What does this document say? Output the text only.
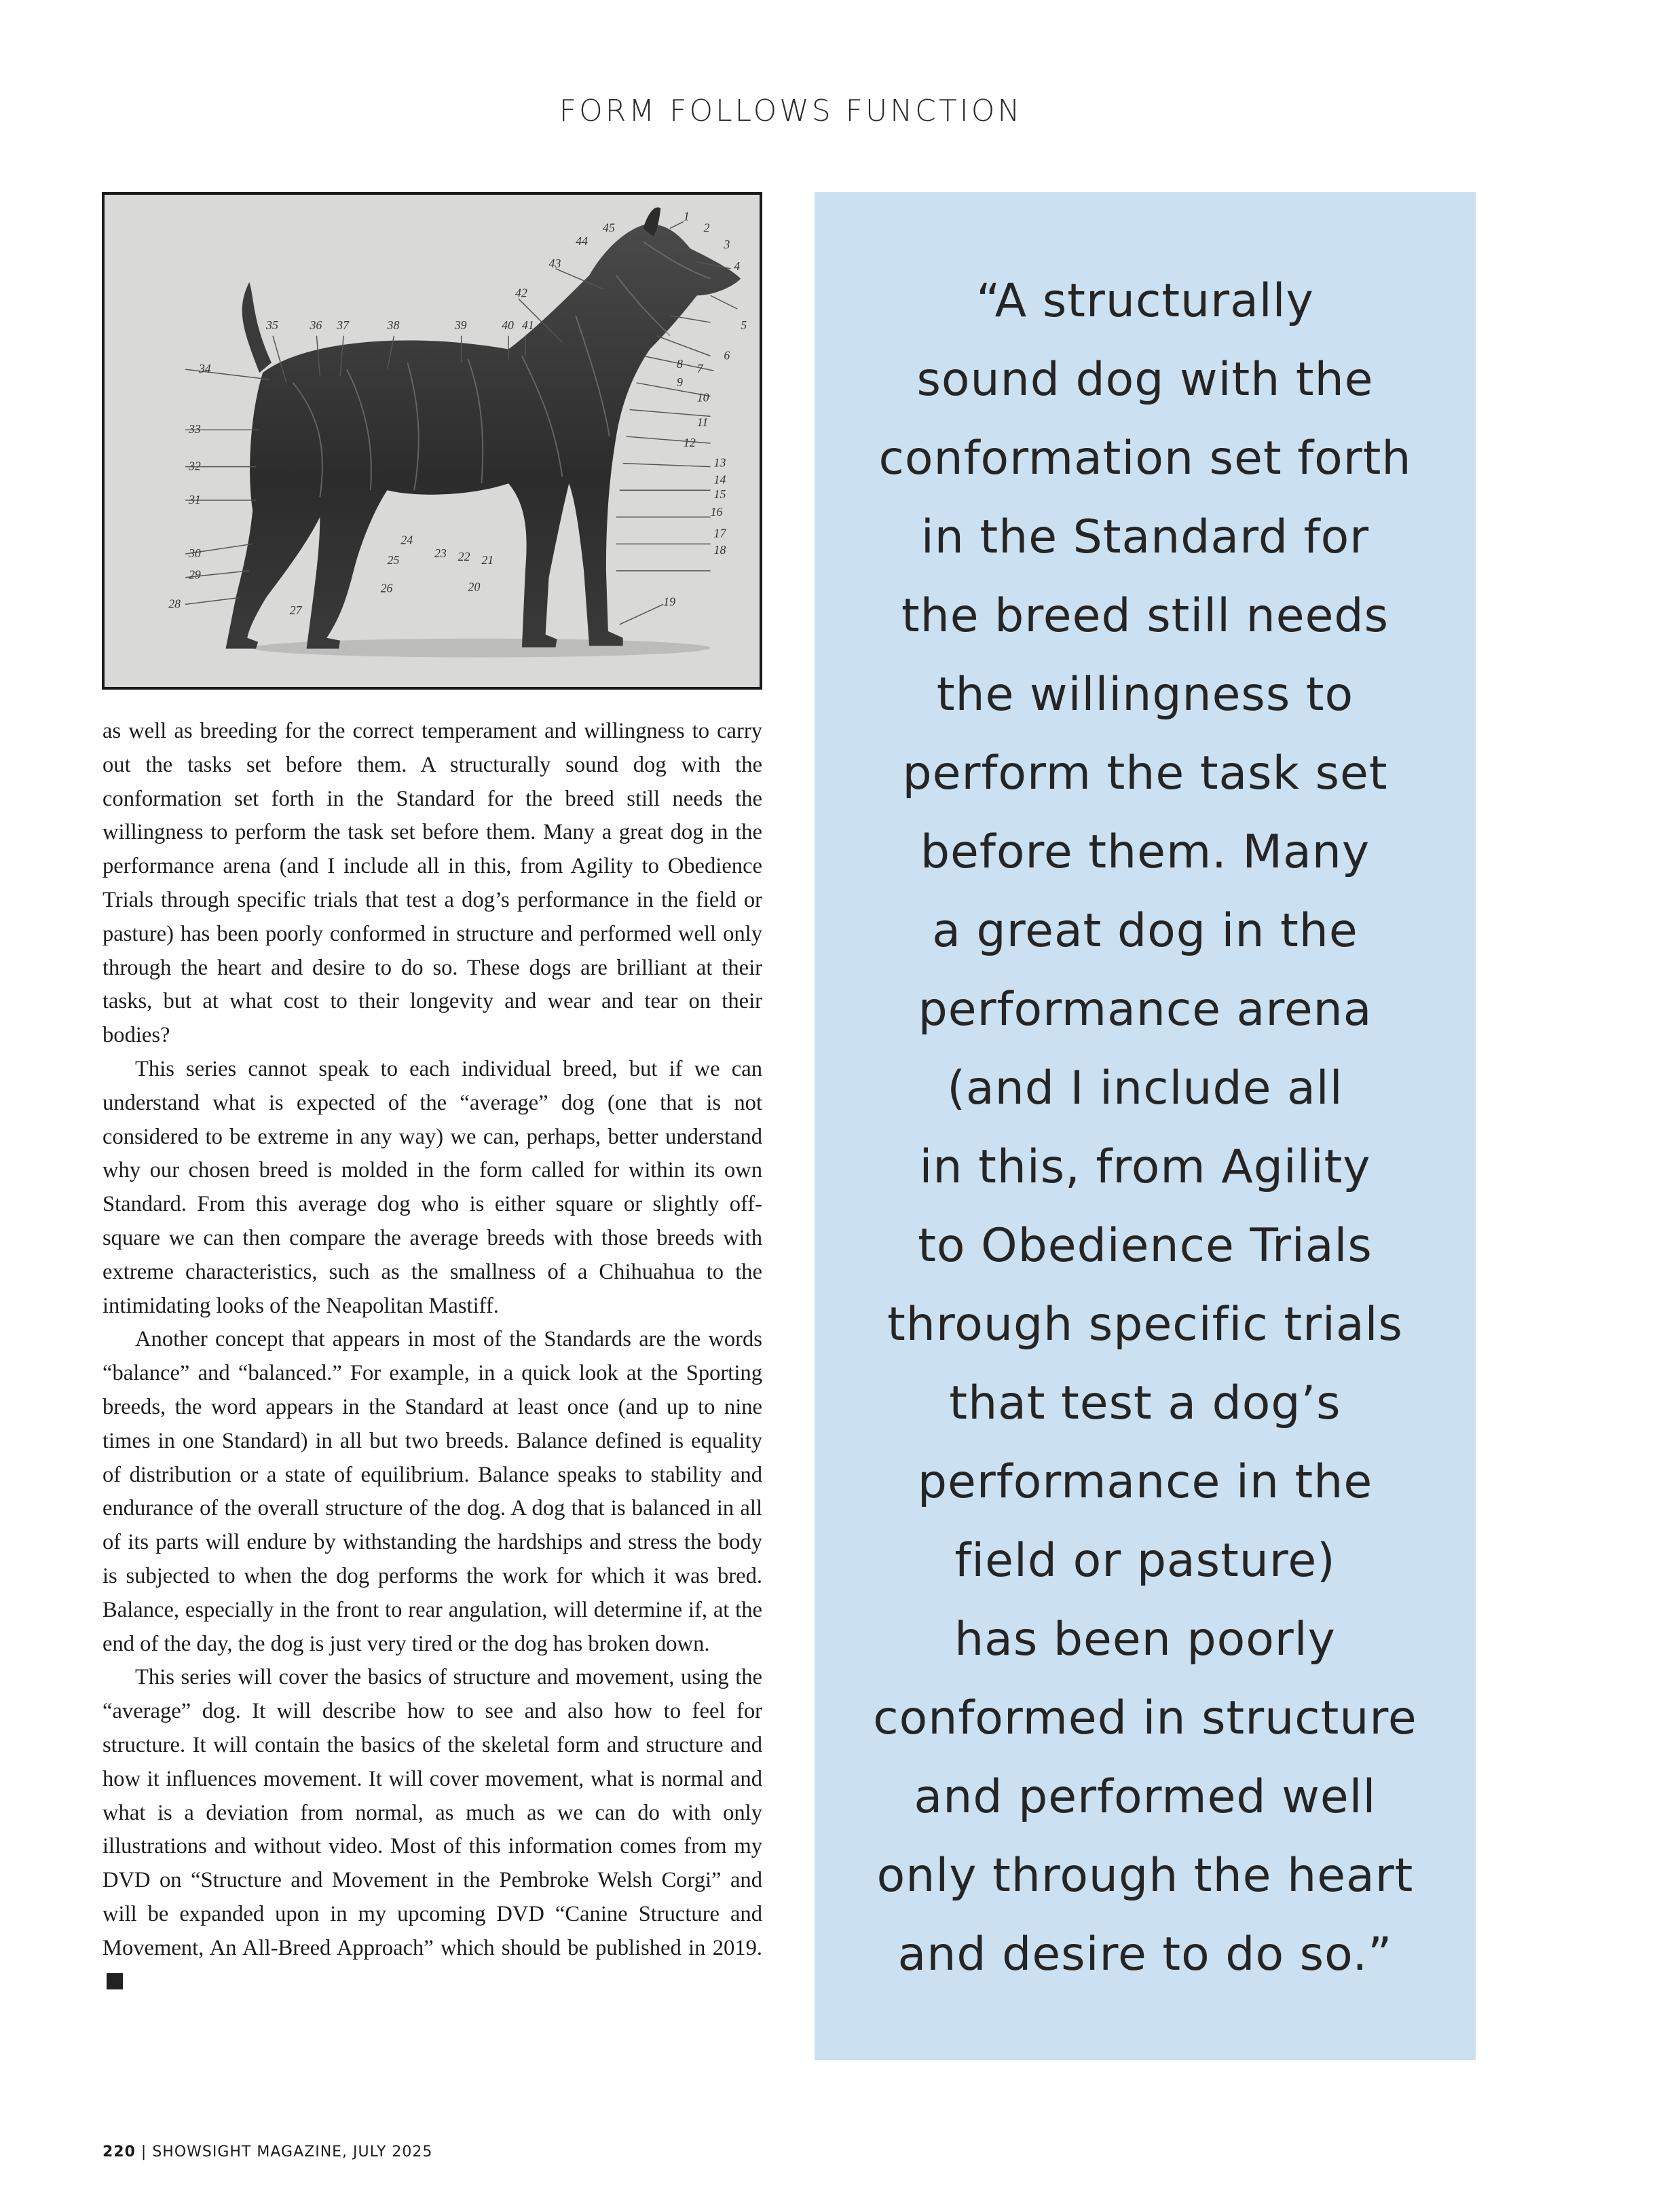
FORM FOLLOWS FUNCTION
1
2
3
4
5
6
7
8
9
10
11
12
13
14
15
16
17
18
19
20
21
22
23
24
25
26
27
28
29
30
31
32
33
34
35	36 37	38	39	40 41
42
43
44
45

as well as breeding for the correct temperament and willingness to carry out the tasks set before them. A structurally sound dog with the conformation set forth in the Standard for the breed still needs the willingness to perform the task set before them. Many a great dog in the performance arena (and I include all in this, from Agility to Obedience Trials through specific trials that test a dog’s performance in the field or pasture) has been poorly conformed in structure and performed well only through the heart and desire to do so. These dogs are brilliant at their tasks, but at what cost to their longevity and wear and tear on their bodies?

This series cannot speak to each individual breed, but if we can understand what is expected of the “average” dog (one that is not considered to be extreme in any way) we can, perhaps, better understand why our chosen breed is molded in the form called for within its own Standard. From this average dog who is either square or slightly off-square we can then compare the average breeds with those breeds with extreme characteristics, such as the smallness of a Chihuahua to the intimidating looks of the Neapolitan Mastiff.

Another concept that appears in most of the Standards are the words “balance” and “balanced.” For example, in a quick look at the Sporting breeds, the word appears in the Standard at least once (and up to nine times in one Standard) in all but two breeds. Balance defined is equality of distribution or a state of equilibrium. Balance speaks to stability and endurance of the overall structure of the dog. A dog that is balanced in all of its parts will endure by withstanding the hardships and stress the body is subjected to when the dog performs the work for which it was bred. Balance, especially in the front to rear angulation, will determine if, at the end of the day, the dog is just very tired or the dog has broken down.

This series will cover the basics of structure and movement, using the “average” dog. It will describe how to see and also how to feel for structure. It will contain the basics of the skeletal form and structure and how it influences movement. It will cover movement, what is normal and what is a deviation from normal, as much as we can do with only illustrations and without video. Most of this information comes from my DVD on “Structure and Movement in the Pembroke Welsh Corgi” and will be expanded upon in my upcoming DVD “Canine Structure and Movement, An All-Breed Approach” which should be published in 2019.

“A structurally
sound dog with the
conformation set forth
in the Standard for
the breed still needs
the willingness to
perform the task set
before them. Many
a great dog in the
performance arena
(and I include all
in this, from Agility
to Obedience Trials
through specific trials
that test a dog’s
performance in the
field or pasture)
has been poorly
conformed in structure
and performed well
only through the heart
and desire to do so.”
220 | SHOWSIGHT MAGAZINE, JULY 2025
